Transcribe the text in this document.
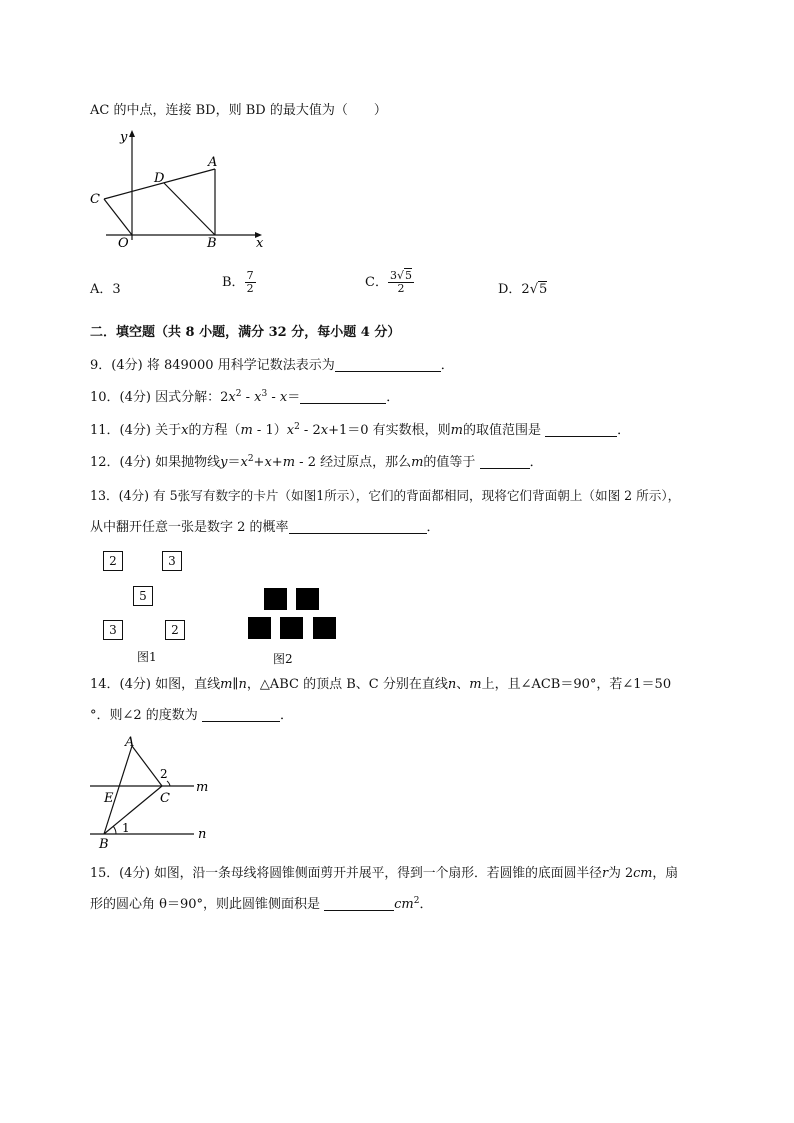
AC 的中点，连接 BD，则 BD 的最大值为（　　）
y
A
D
C
O	B	x
A．3	B． $\frac{7}{2}$	C． $\frac{3√5}{2}$	D．2√5
二．填空题（共 8 小题，满分 32 分，每小题 4 分）
9．(4分) 将 849000 用科学记数法表示为	．
10．(4分) 因式分解：$2x^2 - x^3 - x=$	．
11．(4分) 关于x的方程$(m - 1)x^2 - 2x+1=0$ 有实数根，则m的取值范围是	．
12．(4分) 如果抛物线$y=x^2+x+m - 2$ 经过原点，那么m的值等于	．
13．(4分) 有 5张写有数字的卡片（如图1所示），它们的背面都相同，现将它们背面朝上（如图 2 所示），
从中翻开任意一张是数字 2 的概率	．
2	3
5
3	2
图1	图2
14．(4分) 如图，直线m∥n，△ABC 的顶点 B、C 分别在直线n、m上，且∠ACB＝90°，若∠1＝50
°．则∠2 的度数为	．
A
2
m
E	C
1	n
B
15．(4分) 如图，沿一条母线将圆锥侧面剪开并展平，得到一个扇形．若圆锥的底面圆半径r为 2cm，扇
形的圆心角 θ＝90°，则此圆锥侧面积是	$cm^2$．
